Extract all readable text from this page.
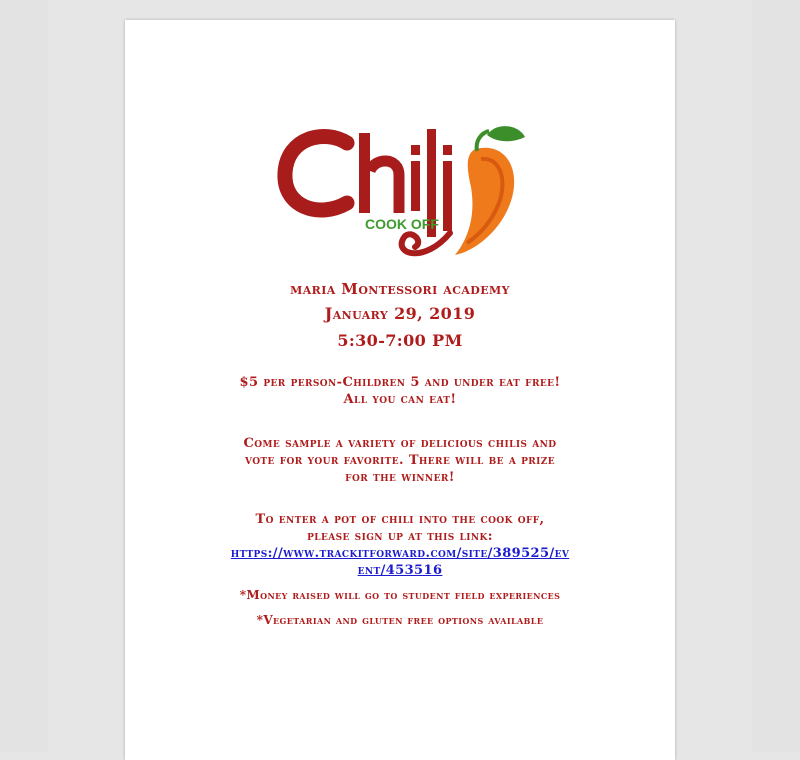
COOK OFF
maria Montessori academy
January 29, 2019
5:30-7:00 PM
$5 per person-Children 5 and under eat free!
All you can eat!
Come sample a variety of delicious chilis and
vote for your favorite. There will be a prize
for the winner!
To enter a pot of chili into the cook off,
please sign up at this link:
https://www.trackitforward.com/site/389525/ev
ent/453516
*Money raised will go to student field experiences
*Vegetarian and gluten free options available
